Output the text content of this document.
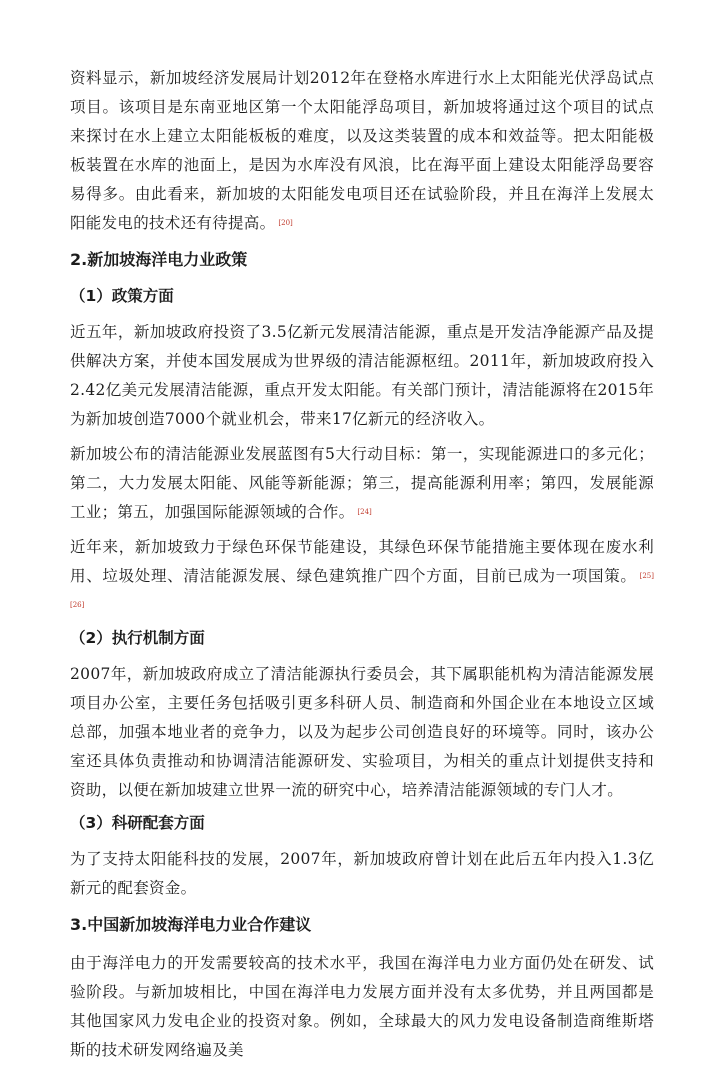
资料显示，新加坡经济发展局计划2012年在登格水库进行水上太阳能光伏浮岛试点项目。该项目是东南亚地区第一个太阳能浮岛项目，新加坡将通过这个项目的试点来探讨在水上建立太阳能板板的难度，以及这类装置的成本和效益等。把太阳能极板装置在水库的池面上，是因为水库没有风浪，比在海平面上建设太阳能浮岛要容易得多。由此看来，新加坡的太阳能发电项目还在试验阶段，并且在海洋上发展太阳能发电的技术还有待提高。 [20]

2.新加坡海洋电力业政策
（1）政策方面

近五年，新加坡政府投资了3.5亿新元发展清洁能源，重点是开发洁净能源产品及提供解决方案，并使本国发展成为世界级的清洁能源枢纽。2011年，新加坡政府投入2.42亿美元发展清洁能源，重点开发太阳能。有关部门预计，清洁能源将在2015年为新加坡创造7000个就业机会，带来17亿新元的经济收入。

新加坡公布的清洁能源业发展蓝图有5大行动目标：第一，实现能源进口的多元化；第二，大力发展太阳能、风能等新能源；第三，提高能源利用率；第四，发展能源工业；第五，加强国际能源领域的合作。 [24]

近年来，新加坡致力于绿色环保节能建设，其绿色环保节能措施主要体现在废水利用、垃圾处理、清洁能源发展、绿色建筑推广四个方面，目前已成为一项国策。 [25] [26]

（2）执行机制方面

2007年，新加坡政府成立了清洁能源执行委员会，其下属职能机构为清洁能源发展项目办公室，主要任务包括吸引更多科研人员、制造商和外国企业在本地设立区域总部，加强本地业者的竞争力，以及为起步公司创造良好的环境等。同时，该办公室还具体负责推动和协调清洁能源研发、实验项目，为相关的重点计划提供支持和资助，以便在新加坡建立世界一流的研究中心，培养清洁能源领域的专门人才。

（3）科研配套方面

为了支持太阳能科技的发展，2007年，新加坡政府曾计划在此后五年内投入1.3亿新元的配套资金。

3.中国新加坡海洋电力业合作建议

由于海洋电力的开发需要较高的技术水平，我国在海洋电力业方面仍处在研发、试验阶段。与新加坡相比，中国在海洋电力发展方面并没有太多优势，并且两国都是其他国家风力发电企业的投资对象。例如，全球最大的风力发电设备制造商维斯塔斯的技术研发网络遍及美
